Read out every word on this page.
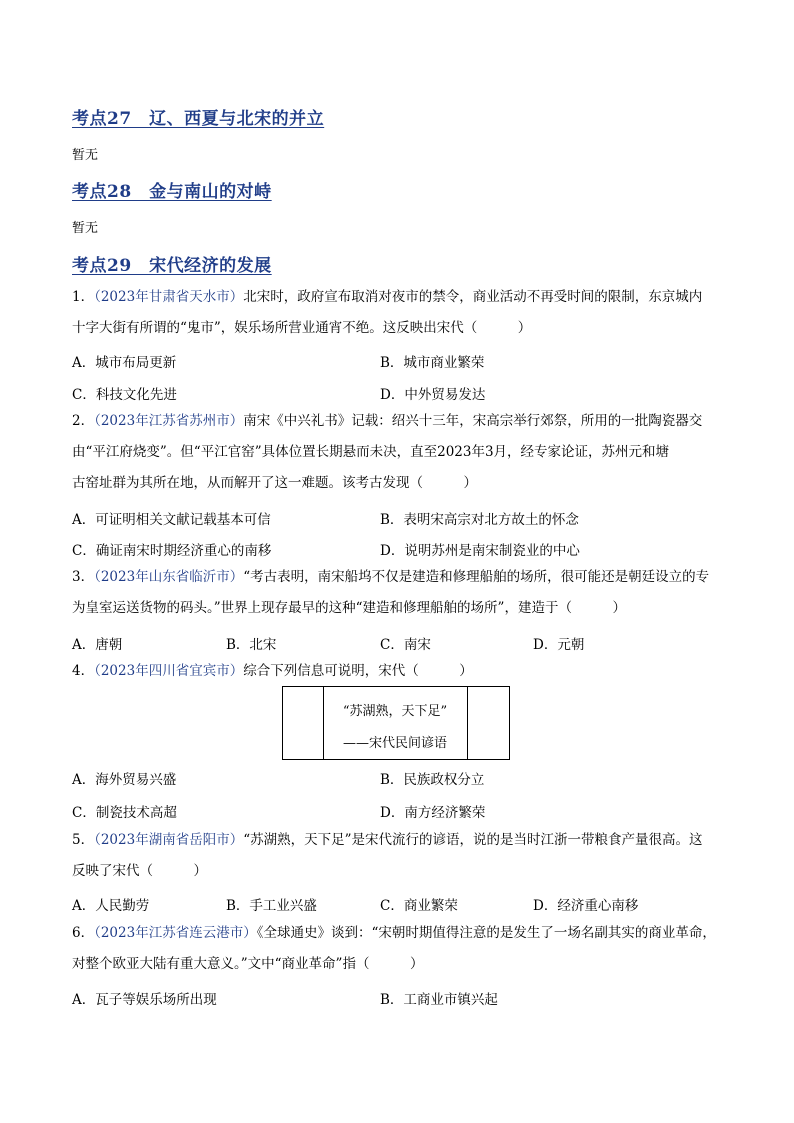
考点27　辽、西夏与北宋的并立
暂无
考点28　金与南山的对峙
暂无
考点29　宋代经济的发展
1．（2023年甘肃省天水市）北宋时，政府宣布取消对夜市的禁令，商业活动不再受时间的限制，东京城内
十字大街有所谓的“鬼市”，娱乐场所营业通宵不绝。这反映出宋代（　　　）
A．城市布局更新	B．城市商业繁荣
C．科技文化先进	D．中外贸易发达
2．（2023年江苏省苏州市）南宋《中兴礼书》记载：绍兴十三年，宋高宗举行郊祭，所用的一批陶瓷器交
由“平江府烧变”。但“平江官窑”具体位置长期悬而未决，直至2023年3月，经专家论证，苏州元和塘
古窑址群为其所在地，从而解开了这一难题。该考古发现（　　　）
A．可证明相关文献记载基本可信	B．表明宋高宗对北方故土的怀念
C．确证南宋时期经济重心的南移	D．说明苏州是南宋制瓷业的中心
3．（2023年山东省临沂市）“考古表明，南宋船坞不仅是建造和修理船舶的场所，很可能还是朝廷设立的专
为皇室运送货物的码头。”世界上现存最早的这种“建造和修理船舶的场所”，建造于（　　　）
A．唐朝	B．北宋	C．南宋	D．元朝
4．（2023年四川省宜宾市）综合下列信息可说明，宋代（　　　）
“苏湖熟，天下足”
——宋代民间谚语
A．海外贸易兴盛	B．民族政权分立
C．制瓷技术高超	D．南方经济繁荣
5．（2023年湖南省岳阳市）“苏湖熟，天下足”是宋代流行的谚语，说的是当时江浙一带粮食产量很高。这
反映了宋代（　　　）
A．人民勤劳	B．手工业兴盛	C．商业繁荣	D．经济重心南移
6．（2023年江苏省连云港市）《全球通史》谈到：“宋朝时期值得注意的是发生了一场名副其实的商业革命，
对整个欧亚大陆有重大意义。”文中“商业革命”指（　　　）
A．瓦子等娱乐场所出现	B．工商业市镇兴起
